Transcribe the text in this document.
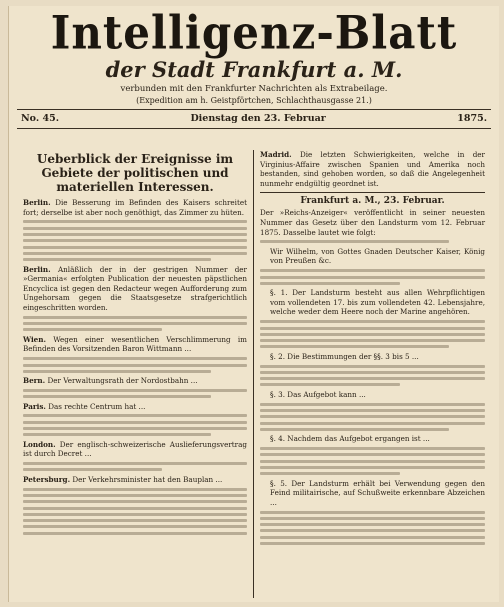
Intelligenz-Blatt
der Stadt Frankfurt a. M.
verbunden mit den Frankfurter Nachrichten als Extrabeilage.
(Expedition am h. Geistpförtchen, Schlachthausgasse 21.)
No. 45.	Dienstag den 23. Februar	1875.
Ueberblick der Ereignisse im Gebiete der politischen und materiellen Interessen.
Berlin. Die Besserung im Befinden des Kaisers schreitet fort; derselbe ist aber noch genöthigt, das Zimmer zu hüten.
Berlin. Anläßlich der in der gestrigen Nummer der »Germania« erfolgten Publication der neuesten päpstlichen Encyclica ist gegen den Redacteur wegen Aufforderung zum Ungehorsam gegen die Staatsgesetze strafgerichtlich eingeschritten worden.
Wien. Wegen einer wesentlichen Verschlimmerung im Befinden des Vorsitzenden Baron Wittmann ...
Bern. Der Verwaltungsrath der Nordostbahn ...
Paris. Das rechte Centrum hat ...
London. Der englisch-schweizerische Auslieferungsvertrag ist durch Decret ...
Petersburg. Der Verkehrsminister hat den Bauplan ...
Madrid. Die letzten Schwierigkeiten, welche in der Virginius-Affaire zwischen Spanien und Amerika noch bestanden, sind gehoben worden, so daß die Angelegenheit nunmehr endgültig geordnet ist.
Frankfurt a. M., 23. Februar.
Der »Reichs-Anzeiger« veröffentlicht in seiner neuesten Nummer das Gesetz über den Landsturm vom 12. Februar 1875. Dasselbe lautet wie folgt:
Wir Wilhelm, von Gottes Gnaden Deutscher Kaiser, König von Preußen &c.
§. 1. Der Landsturm besteht aus allen Wehrpflichtigen vom vollendeten 17. bis zum vollendeten 42. Lebensjahre, welche weder dem Heere noch der Marine angehören.
§. 2. Die Bestimmungen der §§. 3 bis 5 ...
§. 3. Das Aufgebot kann ...
§. 4. Nachdem das Aufgebot ergangen ist ...
§. 5. Der Landsturm erhält bei Verwendung gegen den Feind militairische, auf Schußweite erkennbare Abzeichen ...
